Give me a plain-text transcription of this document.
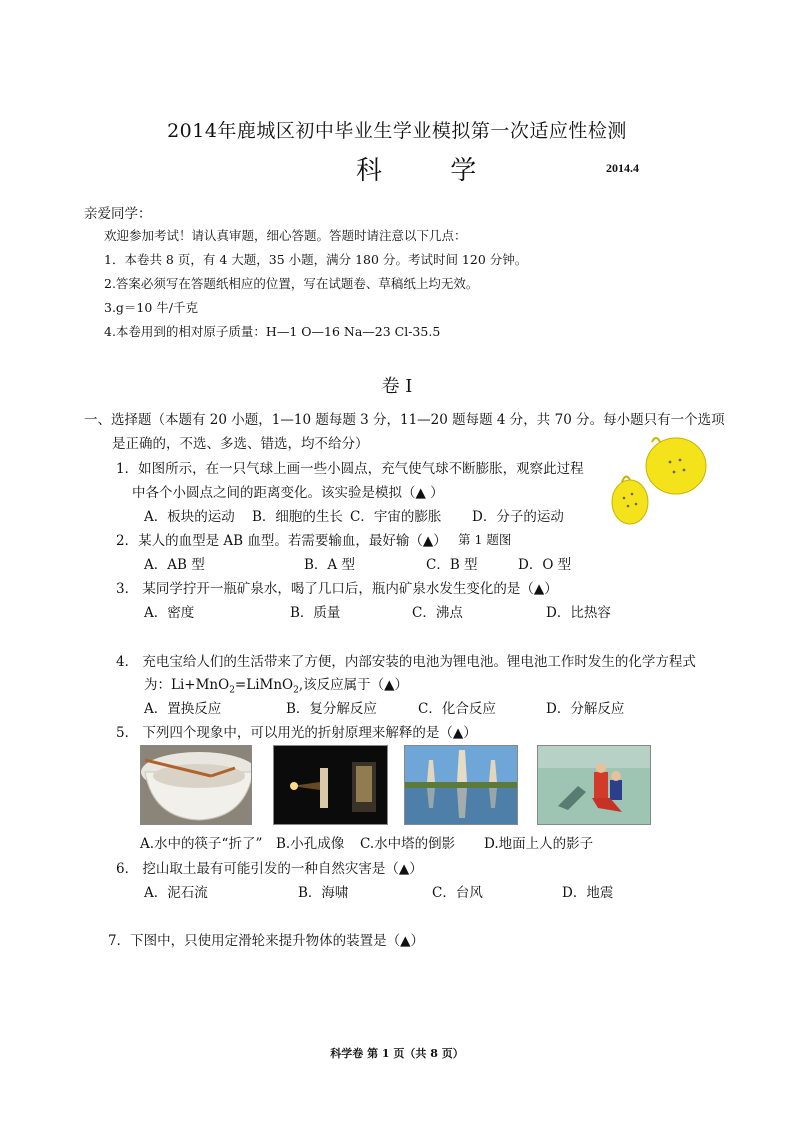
2014年鹿城区初中毕业生学业模拟第一次适应性检测
科 学	2014.4
亲爱同学：
欢迎参加考试！请认真审题，细心答题。答题时请注意以下几点：
1．本卷共 8 页，有 4 大题，35 小题，满分 180 分。考试时间 120 分钟。
2.答案必须写在答题纸相应的位置，写在试题卷、草稿纸上均无效。
3.g＝10 牛/千克
4.本卷用到的相对原子质量：H—1 O—16 Na—23 Cl-35.5
卷 I
一、选择题（本题有 20 小题，1—10 题每题 3 分，11—20 题每题 4 分，共 70 分。每小题只有一个选项
是正确的，不选、多选、错选，均不给分）
1．如图所示，在一只气球上画一些小圆点，充气使气球不断膨胀，观察此过程
中各个小圆点之间的距离变化。该实验是模拟（▲ ）
A．板块的运动 B．细胞的生长 C．宇宙的膨胀 D．分子的运动
2．某人的血型是 AB 血型。若需要输血，最好输（▲） 第 1 题图
A．AB 型	B．A 型	C．B 型	D．O 型
3． 某同学拧开一瓶矿泉水，喝了几口后，瓶内矿泉水发生变化的是（▲）
A．密度	B．质量	C．沸点	D．比热容
4． 充电宝给人们的生活带来了方便，内部安装的电池为锂电池。锂电池工作时发生的化学方程式
为：Li+MnO$_2$=LiMnO$_2$,该反应属于（▲）
A．置换反应	B．复分解反应	C．化合反应	D．分解反应
5． 下列四个现象中，可以用光的折射原理来解释的是（▲）
A.水中的筷子“折了” B.小孔成像 C.水中塔的倒影 D.地面上人的影子
6． 挖山取土最有可能引发的一种自然灾害是（▲）
A．泥石流	B．海啸	C．台风	D．地震
7．下图中，只使用定滑轮来提升物体的装置是（▲）
科学卷 第 1 页（共 8 页）
